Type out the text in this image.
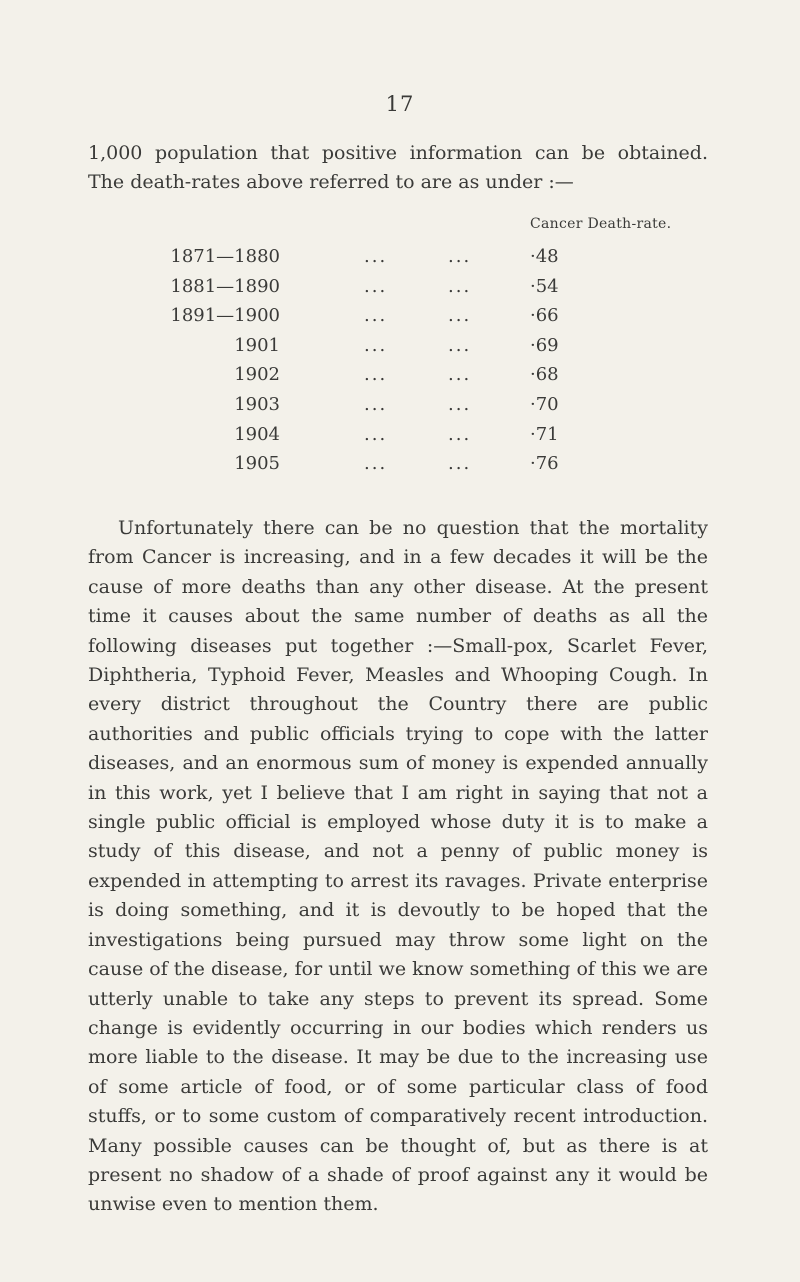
17

1,000 population that positive information can be obtained.
The death-rates above referred to are as under :—

Cancer Death-rate.
1871—1880	...	...	·48
1881—1890	...	...	·54
1891—1900	...	...	·66
1901	...	...	·69
1902	...	...	·68
1903	...	...	·70
1904	...	...	·71
1905	...	...	·76

Unfortunately there can be no question that the mortality from Cancer is increasing, and in a few decades it will be the cause of more deaths than any other disease. At the present time it causes about the same number of deaths as all the following diseases put together :—Small-pox, Scarlet Fever, Diphtheria, Typhoid Fever, Measles and Whooping Cough. In every district throughout the Country there are public authorities and public officials trying to cope with the latter diseases, and an enormous sum of money is expended annually in this work, yet I believe that I am right in saying that not a single public official is employed whose duty it is to make a study of this disease, and not a penny of public money is expended in attempting to arrest its ravages. Private enterprise is doing something, and it is devoutly to be hoped that the investigations being pursued may throw some light on the cause of the disease, for until we know something of this we are utterly unable to take any steps to prevent its spread. Some change is evidently occurring in our bodies which renders us more liable to the disease. It may be due to the increasing use of some article of food, or of some particular class of food stuffs, or to some custom of comparatively recent introduction. Many possible causes can be thought of, but as there is at present no shadow of a shade of proof against any it would be unwise even to mention them.
